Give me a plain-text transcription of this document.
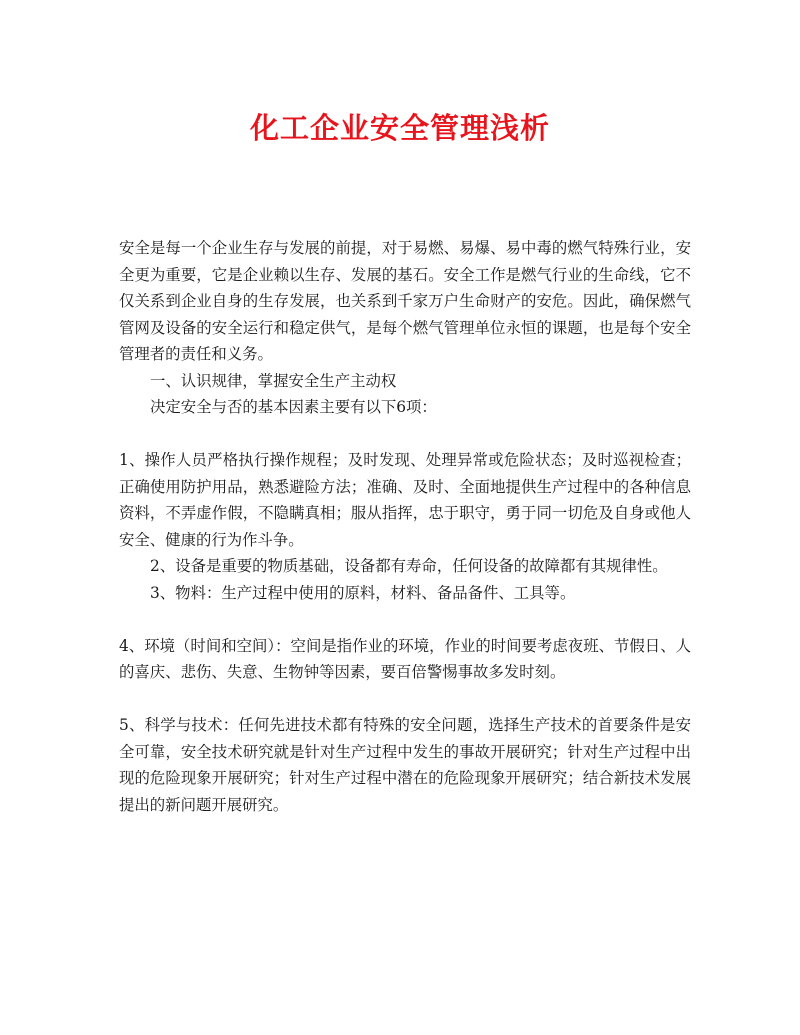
化工企业安全管理浅析

安全是每一个企业生存与发展的前提，对于易燃、易爆、易中毒的燃气特殊行业，安全更为重要，它是企业赖以生存、发展的基石。安全工作是燃气行业的生命线，它不仅关系到企业自身的生存发展，也关系到千家万户生命财产的安危。因此，确保燃气管网及设备的安全运行和稳定供气，是每个燃气管理单位永恒的课题，也是每个安全管理者的责任和义务。

一、认识规律，掌握安全生产主动权

决定安全与否的基本因素主要有以下6项：

1、操作人员严格执行操作规程；及时发现、处理异常或危险状态；及时巡视检查；正确使用防护用品，熟悉避险方法；准确、及时、全面地提供生产过程中的各种信息资料，不弄虚作假，不隐瞒真相；服从指挥，忠于职守，勇于同一切危及自身或他人安全、健康的行为作斗争。

2、设备是重要的物质基础，设备都有寿命，任何设备的故障都有其规律性。

3、物料：生产过程中使用的原料，材料、备品备件、工具等。

4、环境（时间和空间）：空间是指作业的环境，作业的时间要考虑夜班、节假日、人的喜庆、悲伤、失意、生物钟等因素，要百倍警惕事故多发时刻。

5、科学与技术：任何先进技术都有特殊的安全问题，选择生产技术的首要条件是安全可靠，安全技术研究就是针对生产过程中发生的事故开展研究；针对生产过程中出现的危险现象开展研究；针对生产过程中潜在的危险现象开展研究；结合新技术发展提出的新问题开展研究。
